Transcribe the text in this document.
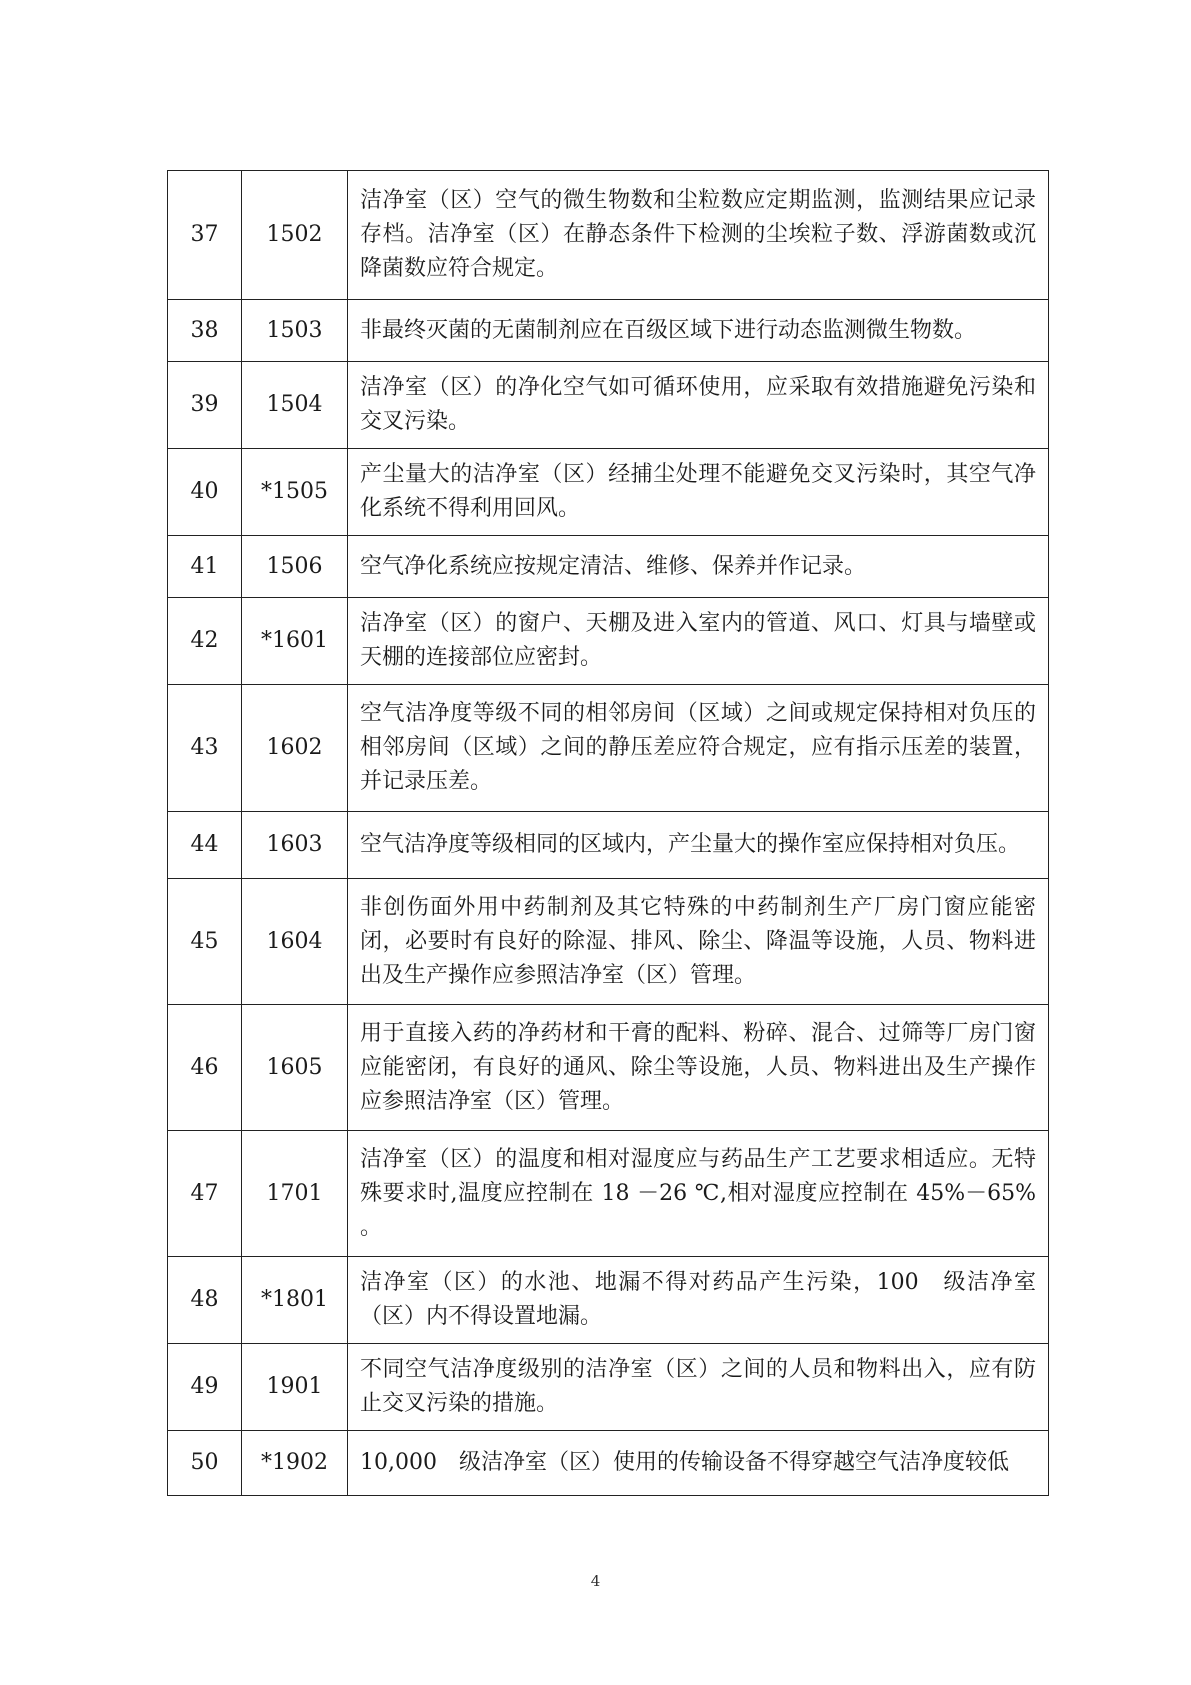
37	1502	洁净室（区）空气的微生物数和尘粒数应定期监测，监测结果应记录存档。洁净室（区）在静态条件下检测的尘埃粒子数、浮游菌数或沉降菌数应符合规定。
38	1503	非最终灭菌的无菌制剂应在百级区域下进行动态监测微生物数。
39	1504	洁净室（区）的净化空气如可循环使用，应采取有效措施避免污染和交叉污染。
40	*1505	产尘量大的洁净室（区）经捕尘处理不能避免交叉污染时，其空气净化系统不得利用回风。
41	1506	空气净化系统应按规定清洁、维修、保养并作记录。
42	*1601	洁净室（区）的窗户、天棚及进入室内的管道、风口、灯具与墙壁或天棚的连接部位应密封。
43	1602	空气洁净度等级不同的相邻房间（区域）之间或规定保持相对负压的相邻房间（区域）之间的静压差应符合规定，应有指示压差的装置，并记录压差。
44	1603	空气洁净度等级相同的区域内，产尘量大的操作室应保持相对负压。
45	1604	非创伤面外用中药制剂及其它特殊的中药制剂生产厂房门窗应能密闭，必要时有良好的除湿、排风、除尘、降温等设施，人员、物料进出及生产操作应参照洁净室（区）管理。
46	1605	用于直接入药的净药材和干膏的配料、粉碎、混合、过筛等厂房门窗应能密闭，有良好的通风、除尘等设施，人员、物料进出及生产操作应参照洁净室（区）管理。
47	1701	洁净室（区）的温度和相对湿度应与药品生产工艺要求相适应。无特殊要求时,温度应控制在 18 －26 ℃,相对湿度应控制在 45%－65% 。
48	*1801	洁净室（区）的水池、地漏不得对药品产生污染，100　级洁净室（区）内不得设置地漏。
49	1901	不同空气洁净度级别的洁净室（区）之间的人员和物料出入，应有防止交叉污染的措施。
50	*1902	10,000　级洁净室（区）使用的传输设备不得穿越空气洁净度较低
4
